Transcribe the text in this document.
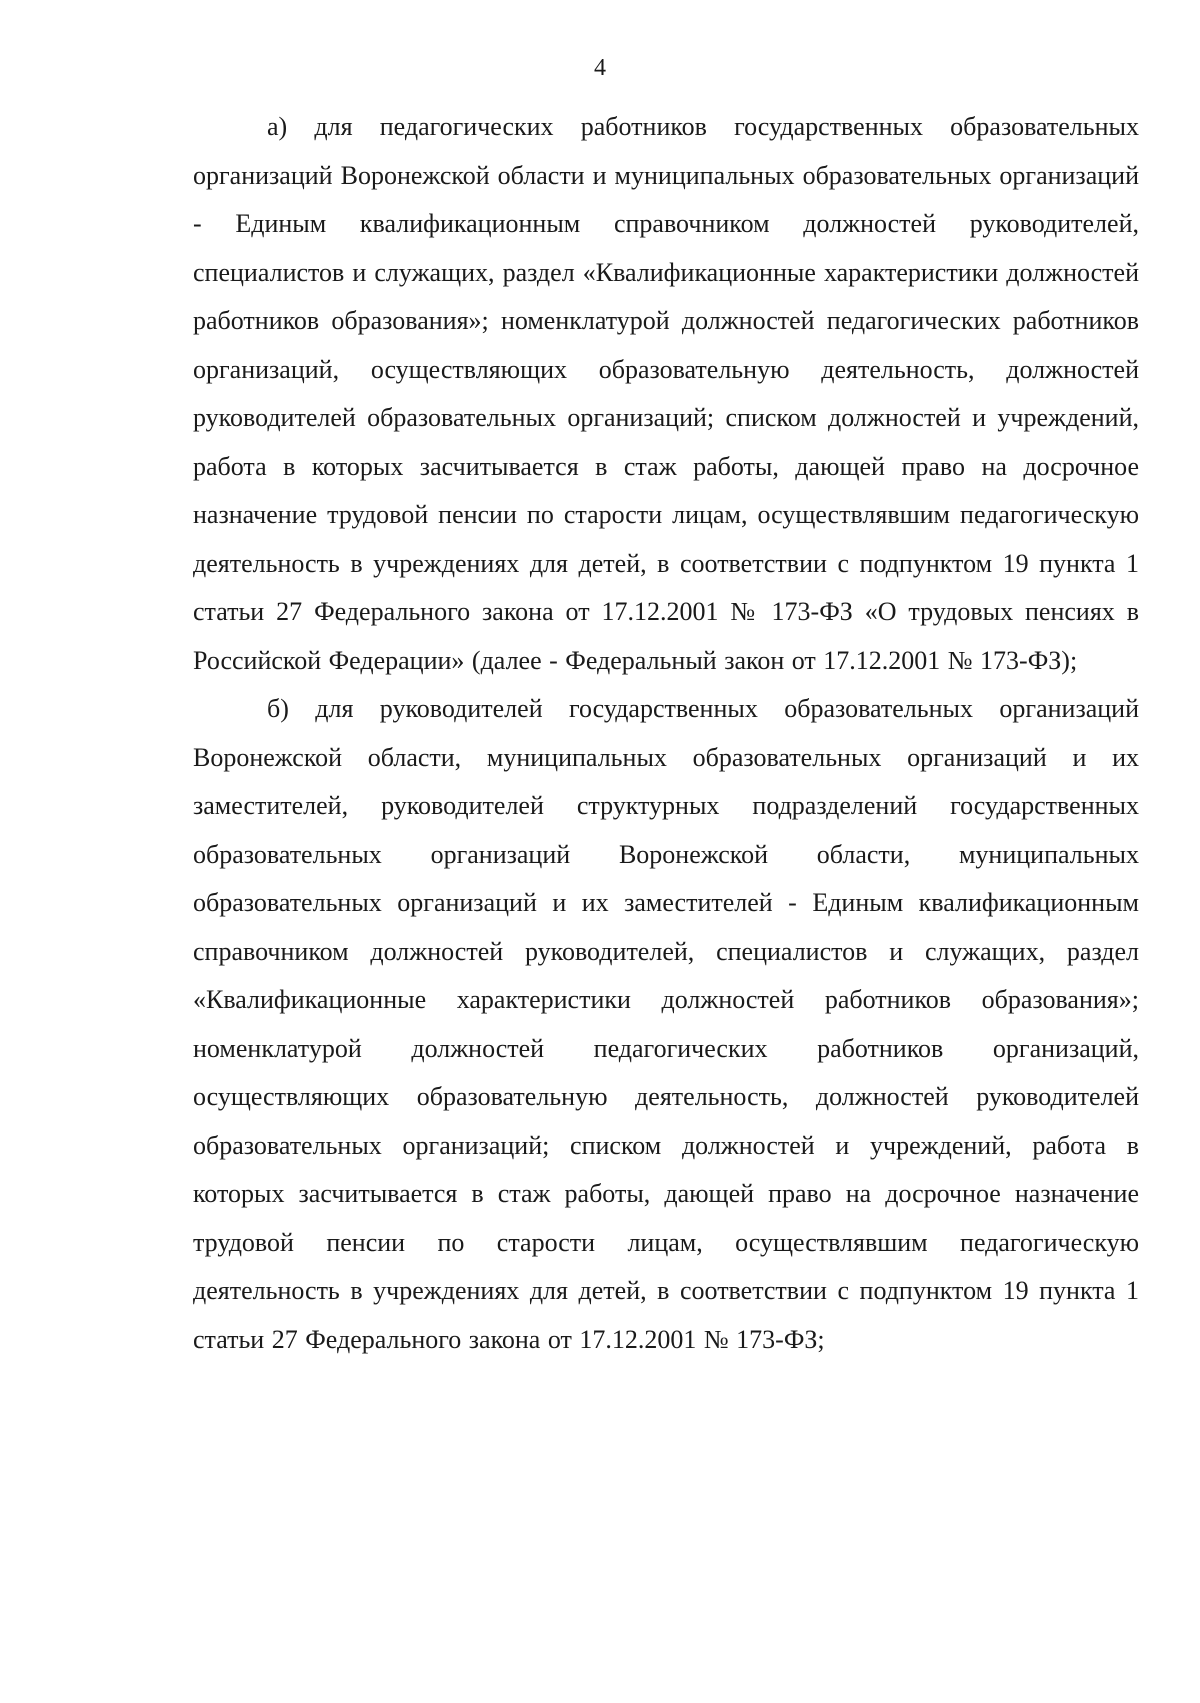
4

а) для педагогических работников государственных образовательных организаций Воронежской области и муниципальных образовательных организаций - Единым квалификационным справочником должностей руководителей, специалистов и служащих, раздел «Квалификационные характеристики должностей работников образования»; номенклатурой должностей педагогических работников организаций, осуществляющих образовательную деятельность, должностей руководителей образовательных организаций; списком должностей и учреждений, работа в которых засчитывается в стаж работы, дающей право на досрочное назначение трудовой пенсии по старости лицам, осуществлявшим педагогическую деятельность в учреждениях для детей, в соответствии с подпунктом 19 пункта 1 статьи 27 Федерального закона от 17.12.2001 № 173-ФЗ «О трудовых пенсиях в Российской Федерации» (далее - Федеральный закон от 17.12.2001 № 173-ФЗ);

б) для руководителей государственных образовательных организаций Воронежской области, муниципальных образовательных организаций и их заместителей, руководителей структурных подразделений государственных образовательных организаций Воронежской области, муниципальных образовательных организаций и их заместителей - Единым квалификационным справочником должностей руководителей, специалистов и служащих, раздел «Квалификационные характеристики должностей работников образования»; номенклатурой должностей педагогических работников организаций, осуществляющих образовательную деятельность, должностей руководителей образовательных организаций; списком должностей и учреждений, работа в которых засчитывается в стаж работы, дающей право на досрочное назначение трудовой пенсии по старости лицам, осуществлявшим педагогическую деятельность в учреждениях для детей, в соответствии с подпунктом 19 пункта 1 статьи 27 Федерального закона от 17.12.2001 № 173-ФЗ;
